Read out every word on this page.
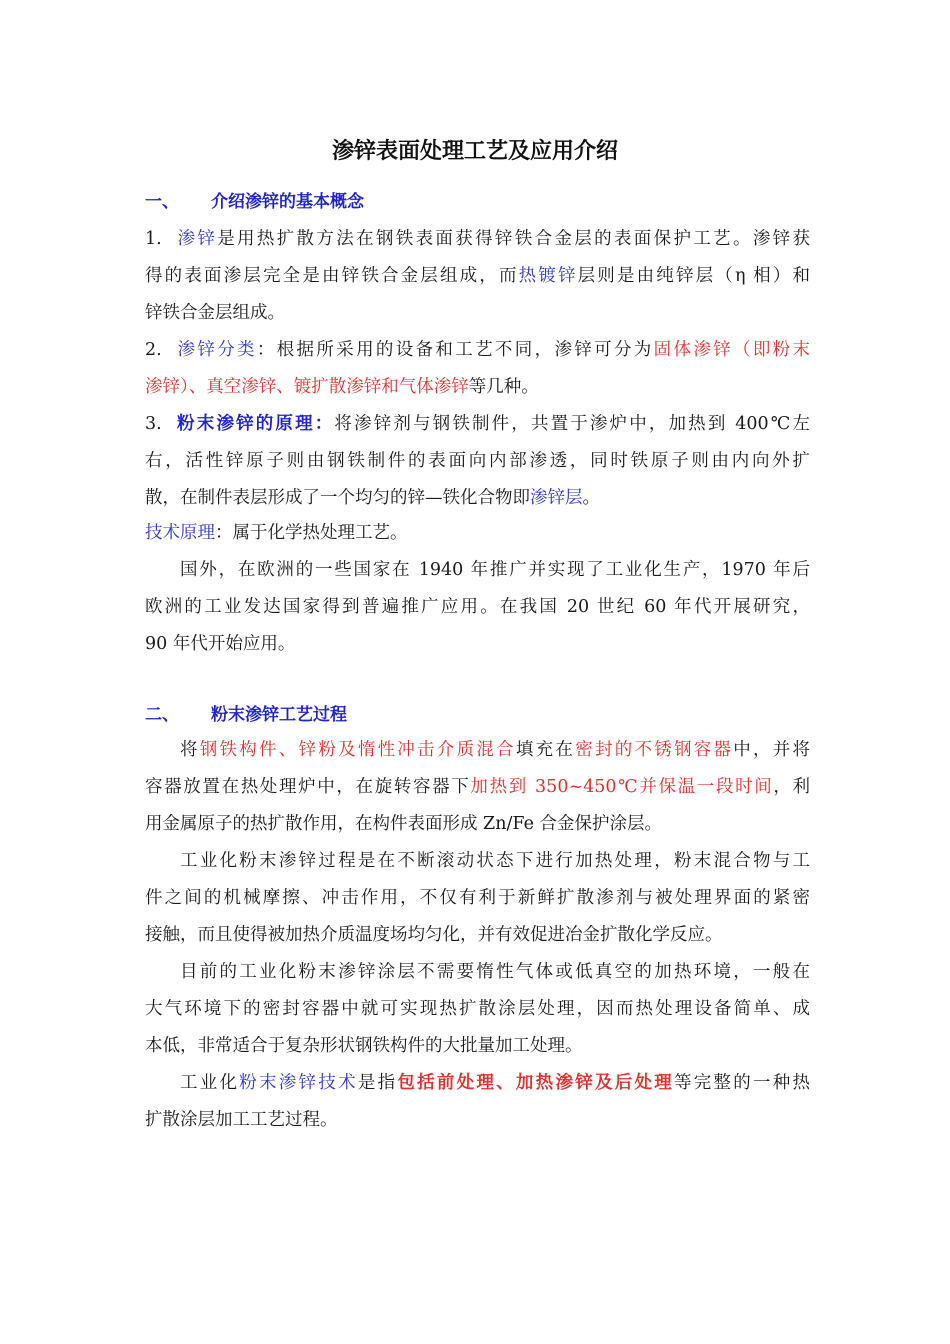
渗锌表面处理工艺及应用介绍
一、 介绍渗锌的基本概念
1. 渗锌是用热扩散方法在钢铁表面获得锌铁合金层的表面保护工艺。渗锌获
得的表面渗层完全是由锌铁合金层组成，而热镀锌层则是由纯锌层（η 相）和
锌铁合金层组成。
2. 渗锌分类：根据所采用的设备和工艺不同，渗锌可分为固体渗锌（即粉末
渗锌）、真空渗锌、镀扩散渗锌和气体渗锌等几种。
3. 粉末渗锌的原理：将渗锌剂与钢铁制件，共置于渗炉中，加热到 400℃左
右，活性锌原子则由钢铁制件的表面向内部渗透，同时铁原子则由内向外扩
散，在制件表层形成了一个均匀的锌—铁化合物即渗锌层。
技术原理：属于化学热处理工艺。
国外，在欧洲的一些国家在 1940 年推广并实现了工业化生产，1970 年后
欧洲的工业发达国家得到普遍推广应用。在我国 20 世纪 60 年代开展研究，
90 年代开始应用。
二、 粉末渗锌工艺过程
将钢铁构件、锌粉及惰性冲击介质混合填充在密封的不锈钢容器中，并将
容器放置在热处理炉中，在旋转容器下加热到 350~450℃并保温一段时间，利
用金属原子的热扩散作用，在构件表面形成 Zn/Fe 合金保护涂层。
工业化粉末渗锌过程是在不断滚动状态下进行加热处理，粉末混合物与工
件之间的机械摩擦、冲击作用，不仅有利于新鲜扩散渗剂与被处理界面的紧密
接触，而且使得被加热介质温度场均匀化，并有效促进冶金扩散化学反应。
目前的工业化粉末渗锌涂层不需要惰性气体或低真空的加热环境，一般在
大气环境下的密封容器中就可实现热扩散涂层处理，因而热处理设备简单、成
本低，非常适合于复杂形状钢铁构件的大批量加工处理。
工业化粉末渗锌技术是指包括前处理、加热渗锌及后处理等完整的一种热
扩散涂层加工工艺过程。
